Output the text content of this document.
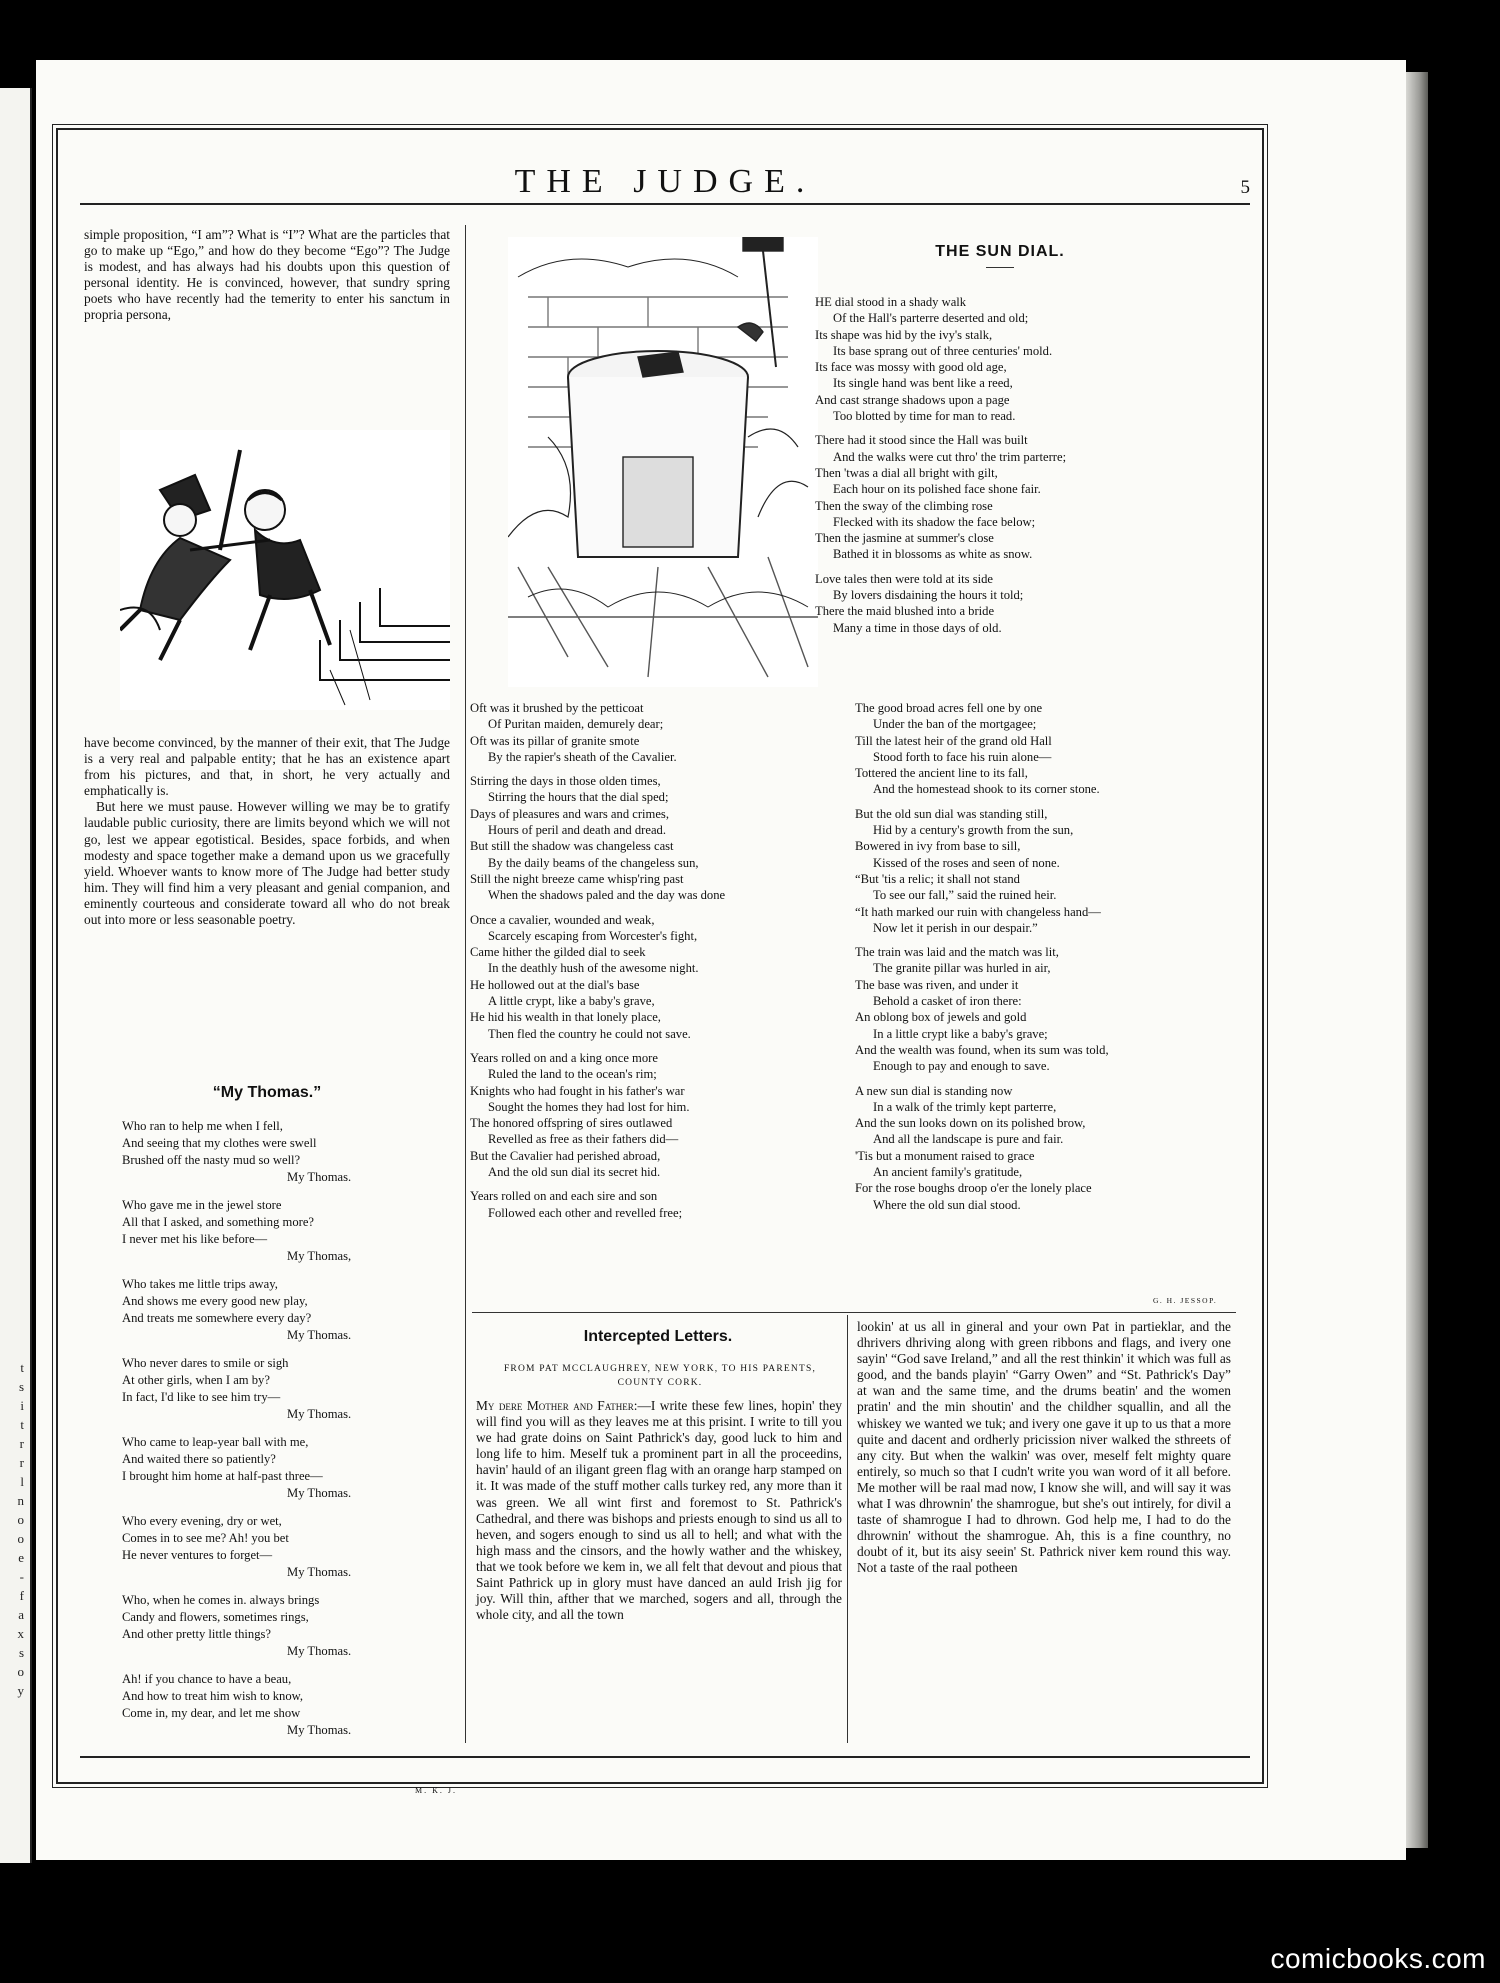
t
s
i
t
r
r
l
n
o
o
e
-
f
a
x
s
o
y
THE JUDGE.	5

simple proposition, “I am”? What is “I”? What are the particles that go to make up “Ego,” and how do they become “Ego”? The Judge is modest, and has always had his doubts upon this question of personal identity. He is convinced, however, that sundry spring poets who have recently had the temerity to enter his sanctum in propria persona,

have become convinced, by the manner of their exit, that The Judge is a very real and palpable entity; that he has an existence apart from his pictures, and that, in short, he very actually and emphatically is.

But here we must pause. However willing we may be to gratify laudable public curiosity, there are limits beyond which we will not go, lest we appear egotistical. Besides, space forbids, and when modesty and space together make a demand upon us we gracefully yield. Whoever wants to know more of The Judge had better study him. They will find him a very pleasant and genial companion, and eminently courteous and considerate toward all who do not break out into more or less seasonable poetry.

“My Thomas.”
Who ran to help me when I fell,
And seeing that my clothes were swell
Brushed off the nasty mud so well?
My Thomas.
Who gave me in the jewel store
All that I asked, and something more?
I never met his like before—
My Thomas,
Who takes me little trips away,
And shows me every good new play,
And treats me somewhere every day?
My Thomas.
Who never dares to smile or sigh
At other girls, when I am by?
In fact, I'd like to see him try—
My Thomas.
Who came to leap-year ball with me,
And waited there so patiently?
I brought him home at half-past three—
My Thomas.
Who every evening, dry or wet,
Comes in to see me? Ah! you bet
He never ventures to forget—
My Thomas.
Who, when he comes in. always brings
Candy and flowers, sometimes rings,
And other pretty little things?
My Thomas.
Ah! if you chance to have a beau,
And how to treat him wish to know,
Come in, my dear, and let me show
My Thomas.
M. K. J.
THE SUN DIAL.
HE dial stood in a shady walk
Of the Hall's parterre deserted and old;
Its shape was hid by the ivy's stalk,
Its base sprang out of three centuries' mold.
Its face was mossy with good old age,
Its single hand was bent like a reed,
And cast strange shadows upon a page
Too blotted by time for man to read.
There had it stood since the Hall was built
And the walks were cut thro' the trim parterre;
Then 'twas a dial all bright with gilt,
Each hour on its polished face shone fair.
Then the sway of the climbing rose
Flecked with its shadow the face below;
Then the jasmine at summer's close
Bathed it in blossoms as white as snow.
Love tales then were told at its side
By lovers disdaining the hours it told;
There the maid blushed into a bride
Many a time in those days of old.
Oft was it brushed by the petticoat
Of Puritan maiden, demurely dear;
Oft was its pillar of granite smote
By the rapier's sheath of the Cavalier.
Stirring the days in those olden times,
Stirring the hours that the dial sped;
Days of pleasures and wars and crimes,
Hours of peril and death and dread.
But still the shadow was changeless cast
By the daily beams of the changeless sun,
Still the night breeze came whisp'ring past
When the shadows paled and the day was done
Once a cavalier, wounded and weak,
Scarcely escaping from Worcester's fight,
Came hither the gilded dial to seek
In the deathly hush of the awesome night.
He hollowed out at the dial's base
A little crypt, like a baby's grave,
He hid his wealth in that lonely place,
Then fled the country he could not save.
Years rolled on and a king once more
Ruled the land to the ocean's rim;
Knights who had fought in his father's war
Sought the homes they had lost for him.
The honored offspring of sires outlawed
Revelled as free as their fathers did—
But the Cavalier had perished abroad,
And the old sun dial its secret hid.
Years rolled on and each sire and son
Followed each other and revelled free;
The good broad acres fell one by one
Under the ban of the mortgagee;
Till the latest heir of the grand old Hall
Stood forth to face his ruin alone—
Tottered the ancient line to its fall,
And the homestead shook to its corner stone.
But the old sun dial was standing still,
Hid by a century's growth from the sun,
Bowered in ivy from base to sill,
Kissed of the roses and seen of none.
“But 'tis a relic; it shall not stand
To see our fall,” said the ruined heir.
“It hath marked our ruin with changeless hand—
Now let it perish in our despair.”
The train was laid and the match was lit,
The granite pillar was hurled in air,
The base was riven, and under it
Behold a casket of iron there:
An oblong box of jewels and gold
In a little crypt like a baby's grave;
And the wealth was found, when its sum was told,
Enough to pay and enough to save.
A new sun dial is standing now
In a walk of the trimly kept parterre,
And the sun looks down on its polished brow,
And all the landscape is pure and fair.
'Tis but a monument raised to grace
An ancient family's gratitude,
For the rose boughs droop o'er the lonely place
Where the old sun dial stood.
G. H. JESSOP.
Intercepted Letters.
FROM PAT MCCLAUGHREY, NEW YORK, TO HIS PARENTS, COUNTY CORK.

My dere Mother and Father:—I write these few lines, hopin' they will find you will as they leaves me at this prisint. I write to till you we had grate doins on Saint Pathrick's day, good luck to him and long life to him. Meself tuk a prominent part in all the proceedins, havin' hauld of an iligant green flag with an orange harp stamped on it. It was made of the stuff mother calls turkey red, any more than it was green. We all wint first and foremost to St. Pathrick's Cathedral, and there was bishops and priests enough to sind us all to heven, and sogers enough to sind us all to hell; and what with the high mass and the cinsors, and the howly wather and the whiskey, that we took before we kem in, we all felt that devout and pious that Saint Pathrick up in glory must have danced an auld Irish jig for joy. Will thin, afther that we marched, sogers and all, through the whole city, and all the town

lookin' at us all in gineral and your own Pat in partieklar, and the dhrivers dhriving along with green ribbons and flags, and ivery one sayin' “God save Ireland,” and all the rest thinkin' it which was full as good, and the bands playin' “Garry Owen” and “St. Pathrick's Day” at wan and the same time, and the drums beatin' and the women pratin' and the min shoutin' and the childher squallin, and all the whiskey we wanted we tuk; and ivery one gave it up to us that a more quite and dacent and ordherly pricission niver walked the sthreets of any city. But when the walkin' was over, meself felt mighty quare entirely, so much so that I cudn't write you wan word of it all before. Me mother will be raal mad now, I know she will, and will say it was what I was dhrownin' the shamrogue, but she's out intirely, for divil a taste of shamrogue I had to dhrown. God help me, I had to do the dhrownin' without the shamrogue. Ah, this is a fine counthry, no doubt of it, but its aisy seein' St. Pathrick niver kem round this way. Not a taste of the raal potheen

comicbooks.com
